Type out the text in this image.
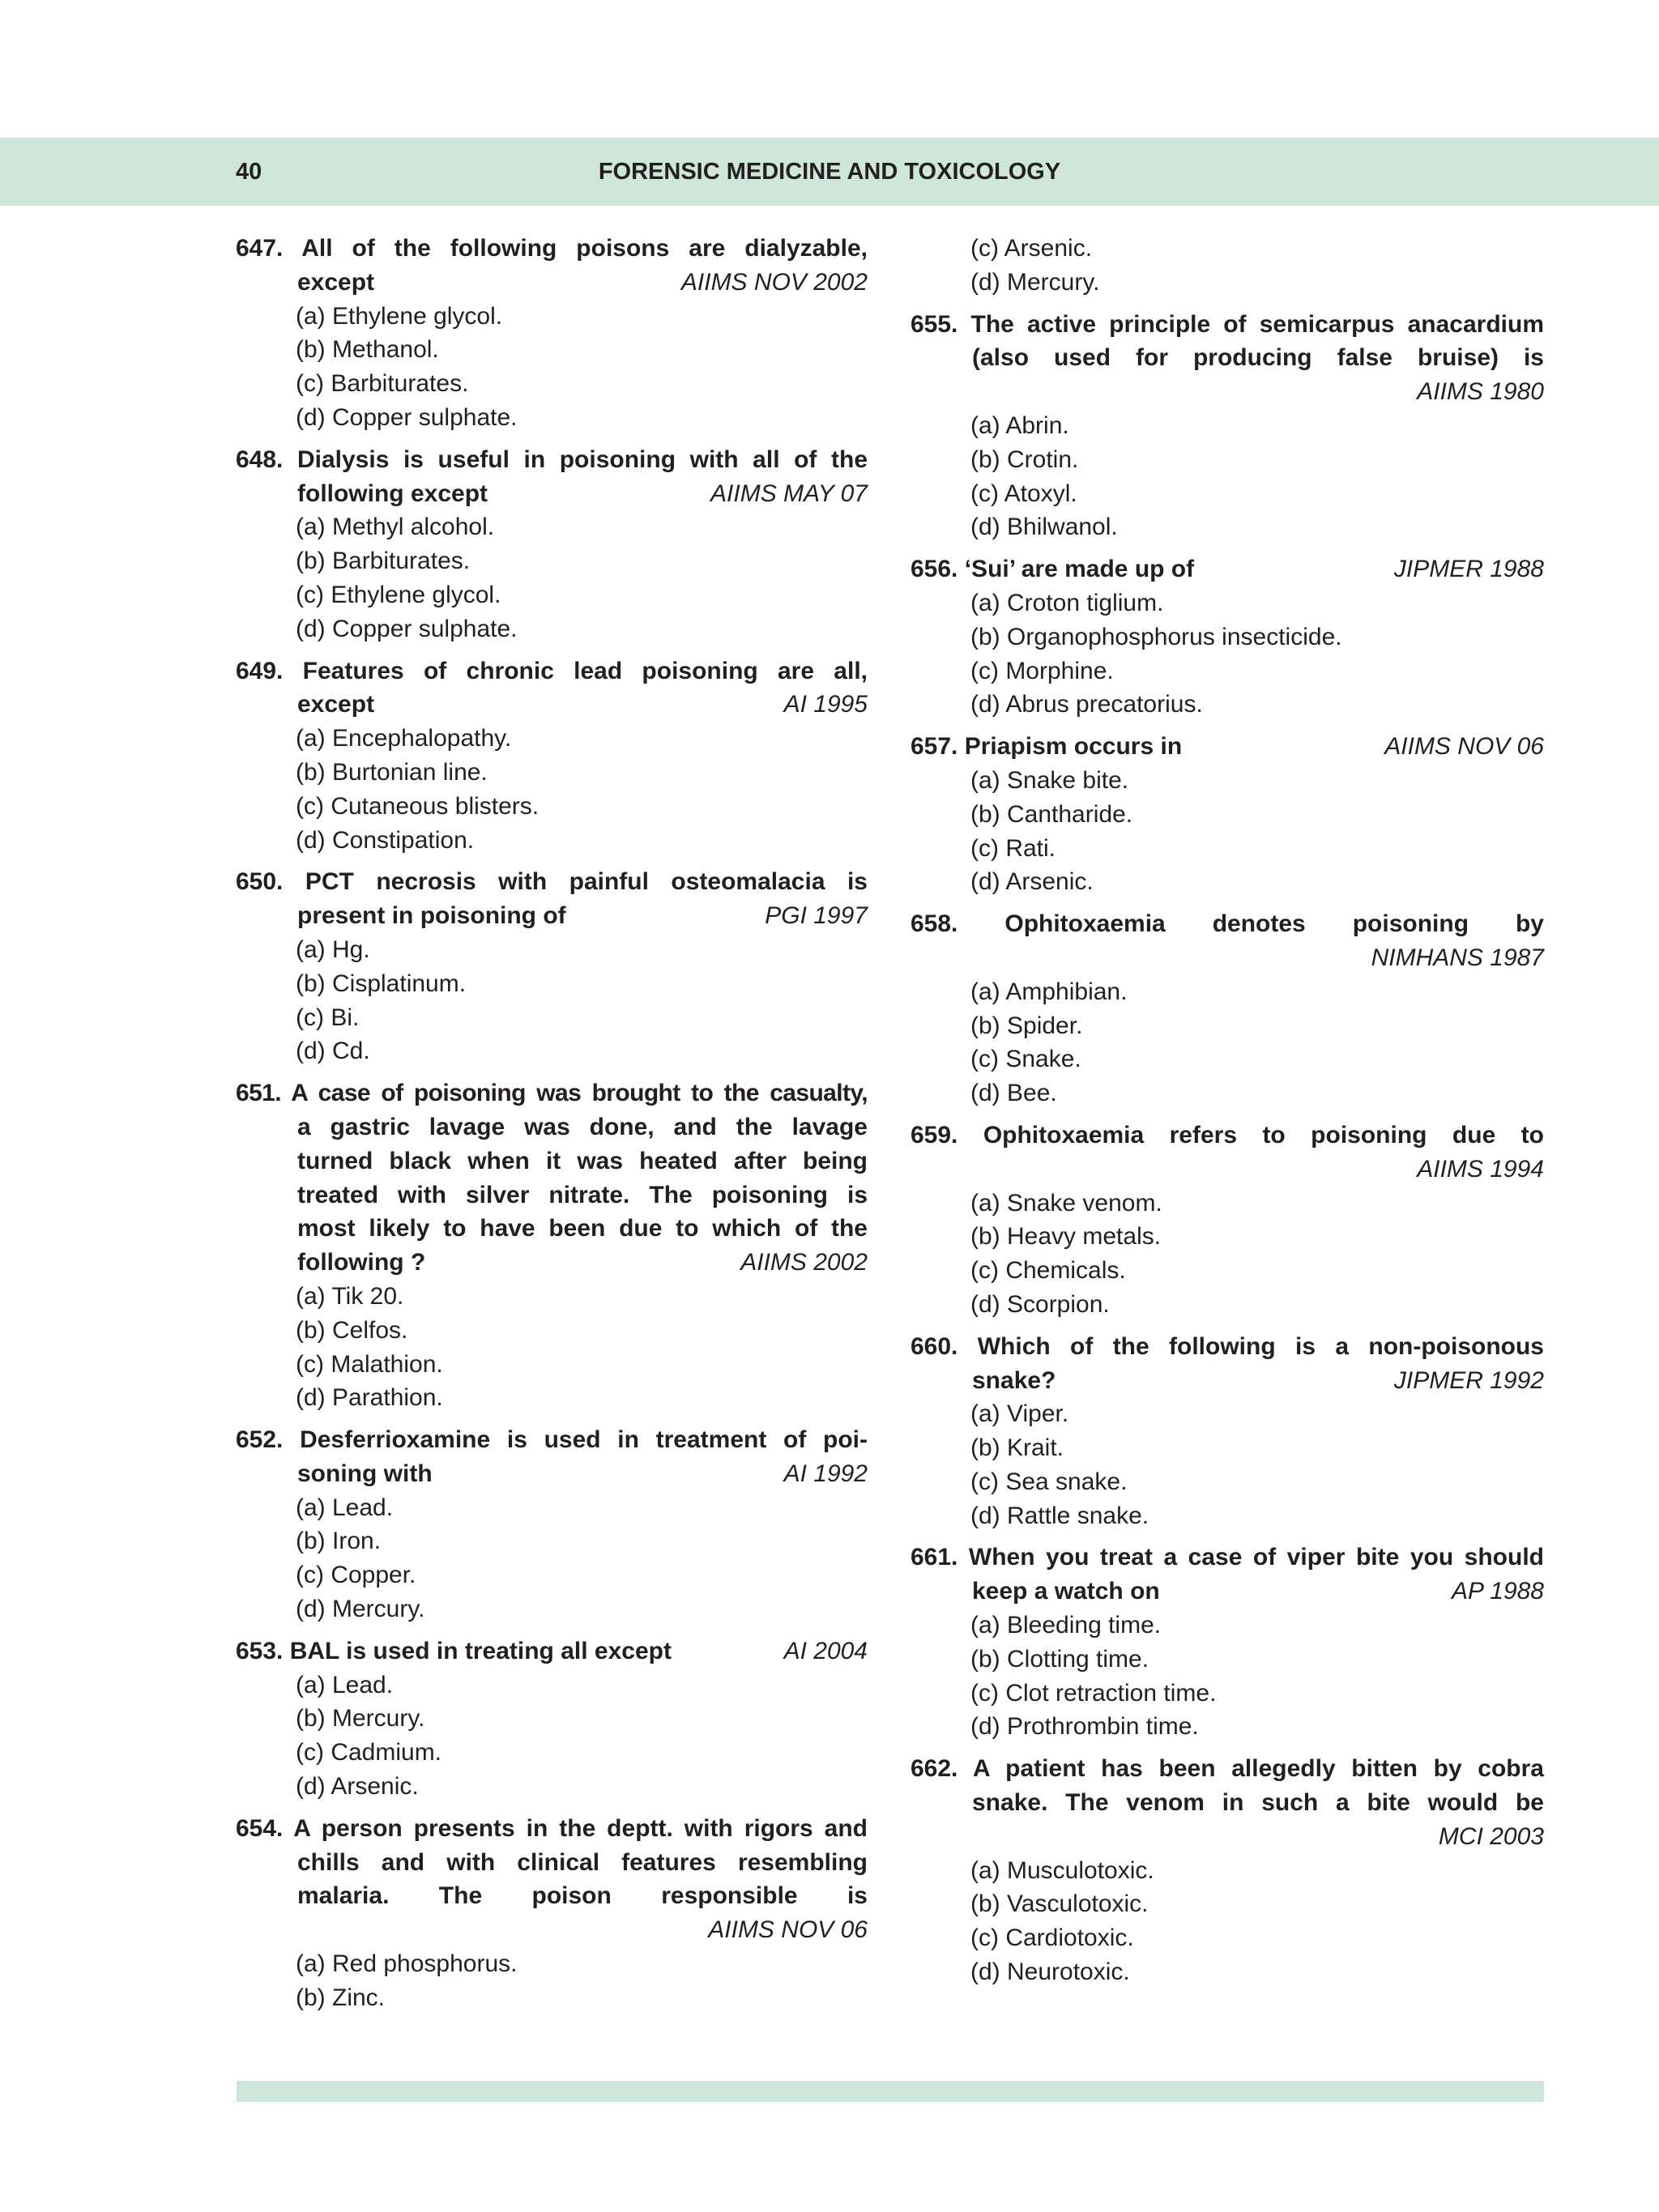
40	FORENSIC MEDICINE AND TOXICOLOGY
647. All of the following poisons are dialyzable,
except	AIIMS NOV 2002
(a) Ethylene glycol.
(b) Methanol.
(c) Barbiturates.
(d) Copper sulphate.
648. Dialysis is useful in poisoning with all of the
following except	AIIMS MAY 07
(a) Methyl alcohol.
(b) Barbiturates.
(c) Ethylene glycol.
(d) Copper sulphate.
649. Features of chronic lead poisoning are all,
except	AI 1995
(a) Encephalopathy.
(b) Burtonian line.
(c) Cutaneous blisters.
(d) Constipation.
650. PCT necrosis with painful osteomalacia is
present in poisoning of	PGI 1997
(a) Hg.
(b) Cisplatinum.
(c) Bi.
(d) Cd.
651. A case of poisoning was brought to the casualty,
a gastric lavage was done, and the lavage
turned black when it was heated after being
treated with silver nitrate. The poisoning is
most likely to have been due to which of the
following ?	AIIMS 2002
(a) Tik 20.
(b) Celfos.
(c) Malathion.
(d) Parathion.
652. Desferrioxamine is used in treatment of poi-
soning with	AI 1992
(a) Lead.
(b) Iron.
(c) Copper.
(d) Mercury.
653. BAL is used in treating all except	AI 2004
(a) Lead.
(b) Mercury.
(c) Cadmium.
(d) Arsenic.
654. A person presents in the deptt. with rigors and
chills and with clinical features resembling
malaria. The poison responsible is
AIIMS NOV 06
(a) Red phosphorus.
(b) Zinc.
(c) Arsenic.
(d) Mercury.
655. The active principle of semicarpus anacardium
(also used for producing false bruise) is
AIIMS 1980
(a) Abrin.
(b) Crotin.
(c) Atoxyl.
(d) Bhilwanol.
656. ‘Sui’ are made up of	JIPMER 1988
(a) Croton tiglium.
(b) Organophosphorus insecticide.
(c) Morphine.
(d) Abrus precatorius.
657. Priapism occurs in	AIIMS NOV 06
(a) Snake bite.
(b) Cantharide.
(c) Rati.
(d) Arsenic.
658. Ophitoxaemia denotes poisoning by
NIMHANS 1987
(a) Amphibian.
(b) Spider.
(c) Snake.
(d) Bee.
659. Ophitoxaemia refers to poisoning due to
AIIMS 1994
(a) Snake venom.
(b) Heavy metals.
(c) Chemicals.
(d) Scorpion.
660. Which of the following is a non-poisonous
snake?	JIPMER 1992
(a) Viper.
(b) Krait.
(c) Sea snake.
(d) Rattle snake.
661. When you treat a case of viper bite you should
keep a watch on	AP 1988
(a) Bleeding time.
(b) Clotting time.
(c) Clot retraction time.
(d) Prothrombin time.
662. A patient has been allegedly bitten by cobra
snake. The venom in such a bite would be
MCI 2003
(a) Musculotoxic.
(b) Vasculotoxic.
(c) Cardiotoxic.
(d) Neurotoxic.
